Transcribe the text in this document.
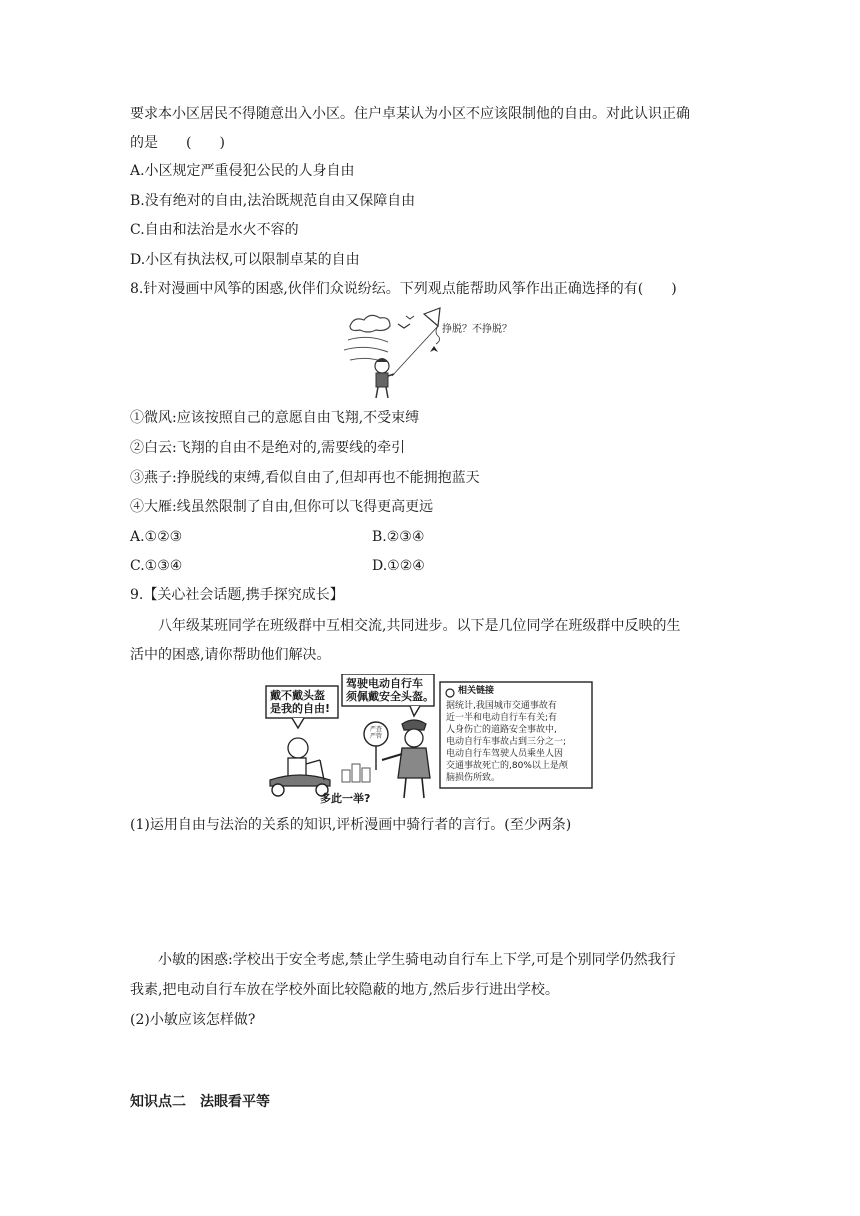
要求本小区居民不得随意出入小区。住户卓某认为小区不应该限制他的自由。对此认识正确
的是　　(　　)
A.小区规定严重侵犯公民的人身自由
B.没有绝对的自由,法治既规范自由又保障自由
C.自由和法治是水火不容的
D.小区有执法权,可以限制卓某的自由
8.针对漫画中风筝的困惑,伙伴们众说纷纭。下列观点能帮助风筝作出正确选择的有(　　)
挣脱？不挣脱？
①微风:应该按照自己的意愿自由飞翔,不受束缚
②白云:飞翔的自由不是绝对的,需要线的牵引
③燕子:挣脱线的束缚,看似自由了,但却再也不能拥抱蓝天
④大雁:线虽然限制了自由,但你可以飞得更高更远
A.①②③	B.②③④
C.①③④	D.①②④
9.【关心社会话题,携手探究成长】
八年级某班同学在班级群中互相交流,共同进步。以下是几位同学在班级群中反映的生
活中的困惑,请你帮助他们解决。
戴不戴头盔
是我的自由!
驾驶电动自行车
须佩戴安全头盔。
严查
严管
相关链接
据统计,我国城市交通事故有
近一半和电动自行车有关;有
人身伤亡的道路安全事故中,
电动自行车事故占到三分之一;
电动自行车驾驶人员乘坐人因
交通事故死亡的,80%以上是颅
脑损伤所致。
多此一举?
(1)运用自由与法治的关系的知识,评析漫画中骑行者的言行。(至少两条)
小敏的困惑:学校出于安全考虑,禁止学生骑电动自行车上下学,可是个别同学仍然我行
我素,把电动自行车放在学校外面比较隐蔽的地方,然后步行进出学校。
(2)小敏应该怎样做?
知识点二　法眼看平等
